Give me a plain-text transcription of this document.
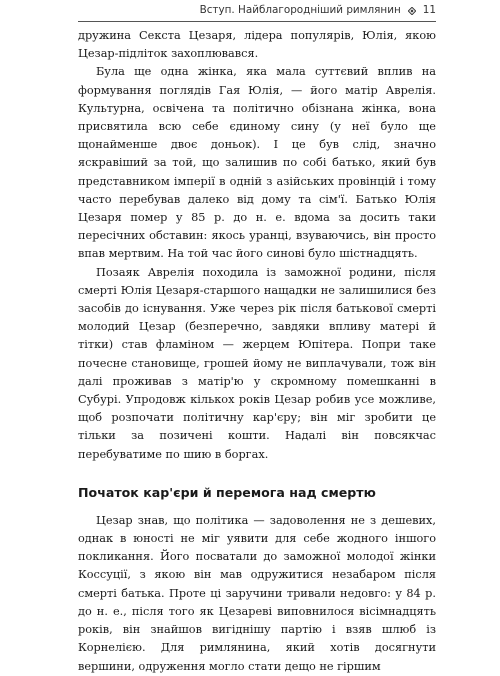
Вступ. Найблагородніший римлянин 11

дружина Секста Цезаря, лідера популярів, Юлія, якою Цезар-підліток захоплювався.

Була ще одна жінка, яка мала суттєвий вплив на формування поглядів Гая Юлія, — його матір Аврелія. Культурна, освічена та політично обізнана жінка, вона присвятила всю себе єдиному сину (у неї було ще щонайменше двоє доньок). І це був слід, значно яскравіший за той, що залишив по собі батько, який був представником імперії в одній з азійських провінцій і тому часто перебував далеко від дому та сім'ї. Батько Юлія Цезаря помер у 85 р. до н. е. вдома за досить таки пересічних обставин: якось уранці, взуваючись, він просто впав мертвим. На той час його синові було шістнадцять.

Позаяк Аврелія походила із заможної родини, після смерті Юлія Цезаря-старшого нащадки не залишилися без засобів до існування. Уже через рік після батькової смерті молодий Цезар (безперечно, завдяки впливу матері й тітки) став фламіном — жерцем Юпітера. Попри таке почесне становище, грошей йому не виплачували, тож він далі проживав з матір'ю у скромному помешканні в Субурі. Упродовж кількох років Цезар робив усе можливе, щоб розпочати політичну кар'єру; він міг зробити це тільки за позичені кошти. Надалі він повсякчас перебуватиме по шию в боргах.

Початок кар'єри й перемога над смертю

Цезар знав, що політика — задоволення не з дешевих, однак в юності не міг уявити для себе жодного іншого покликання. Його посватали до заможної молодої жінки Коссуції, з якою він мав одружитися незабаром після смерті батька. Проте ці заручини тривали недовго: у 84 р. до н. е., після того як Цезареві виповнилося вісімнадцять років, він знайшов вигіднішу партію і взяв шлюб із Корнелією. Для римлянина, який хотів досягнути вершини, одруження могло стати дещо не гіршим
